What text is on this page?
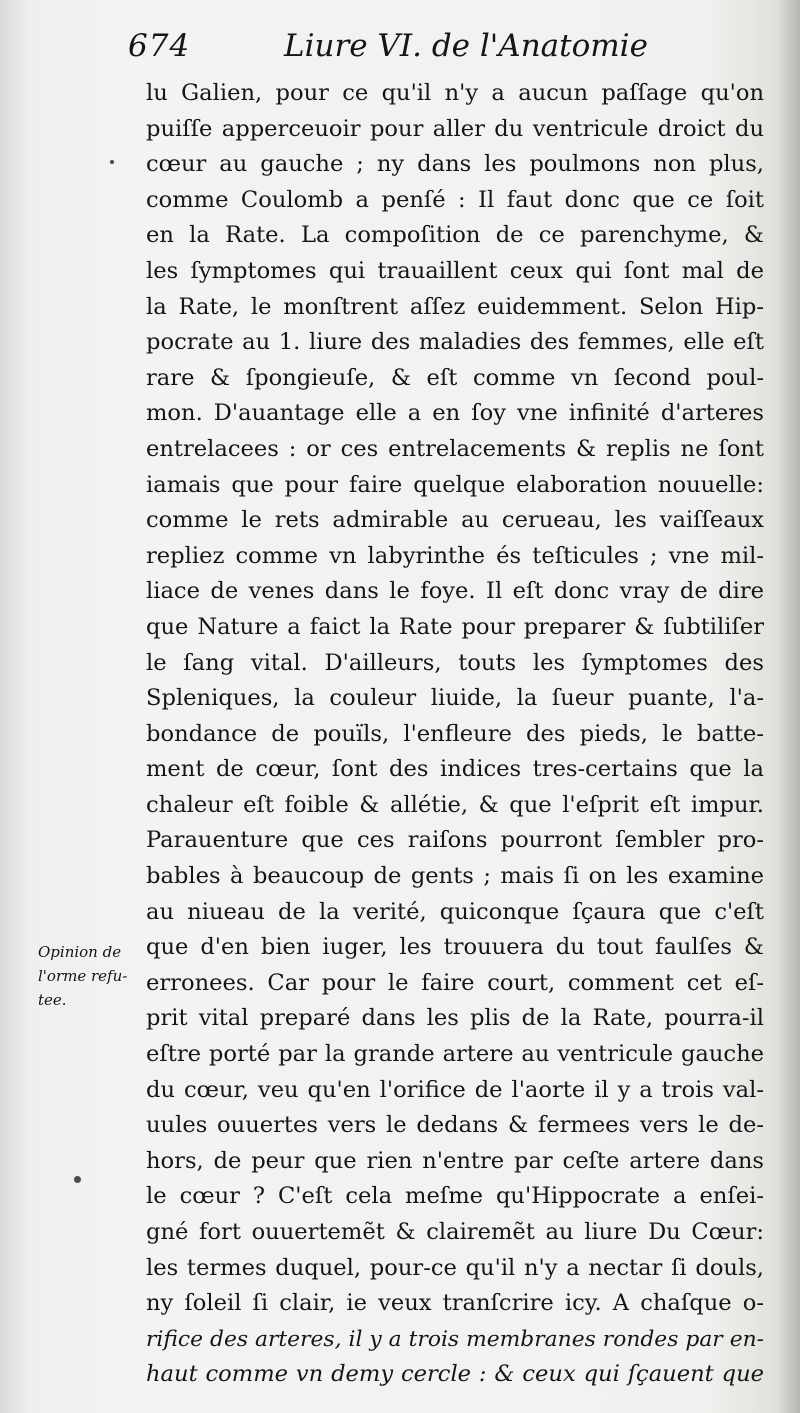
674	Liure VI. de l'Anatomie
lu Galien, pour ce qu'il n'y a aucun paſſage qu'on
puiſſe apperceuoir pour aller du ventricule droict du
cœur au gauche ; ny dans les poulmons non plus,
comme Coulomb a penſé : Il faut donc que ce ſoit
en la Rate. La compoſition de ce parenchyme, &
les ſymptomes qui trauaillent ceux qui ſont mal de
la Rate, le monſtrent aſſez euidemment. Selon Hip-
pocrate au 1. liure des maladies des femmes, elle eſt
rare & ſpongieuſe, & eſt comme vn ſecond poul-
mon. D'auantage elle a en ſoy vne infinité d'arteres
entrelacees : or ces entrelacements & replis ne ſont
iamais que pour faire quelque elaboration nouuelle:
comme le rets admirable au cerueau, les vaiſſeaux
repliez comme vn labyrinthe és teſticules ; vne mil-
liace de venes dans le foye. Il eſt donc vray de dire
que Nature a faict la Rate pour preparer & ſubtiliſer
le ſang vital. D'ailleurs, touts les ſymptomes des
Spleniques, la couleur liuide, la ſueur puante, l'a-
bondance de pouïls, l'enfleure des pieds, le batte-
ment de cœur, ſont des indices tres-certains que la
chaleur eſt foible & allétie, & que l'eſprit eſt impur.
Parauenture que ces raiſons pourront ſembler pro-
bables à beaucoup de gents ; mais ſi on les examine
au niueau de la verité, quiconque ſçaura que c'eſt
que d'en bien iuger, les trouuera du tout faulſes &
erronees. Car pour le faire court, comment cet eſ-
prit vital preparé dans les plis de la Rate, pourra-il
eſtre porté par la grande artere au ventricule gauche
du cœur, veu qu'en l'orifice de l'aorte il y a trois val-
uules ouuertes vers le dedans & fermees vers le de-
hors, de peur que rien n'entre par ceſte artere dans
le cœur ? C'eſt cela meſme qu'Hippocrate a enſei-
gné fort ouuertemẽt & clairemẽt au liure Du Cœur:
les termes duquel, pour-ce qu'il n'y a nectar ſi douls,
ny ſoleil ſi clair, ie veux tranſcrire icy. A chaſque o-
rifice des arteres, il y a trois membranes rondes par en-
haut comme vn demy cercle : & ceux qui ſçauent que
Opinion de
l'orme refu-
tee.
